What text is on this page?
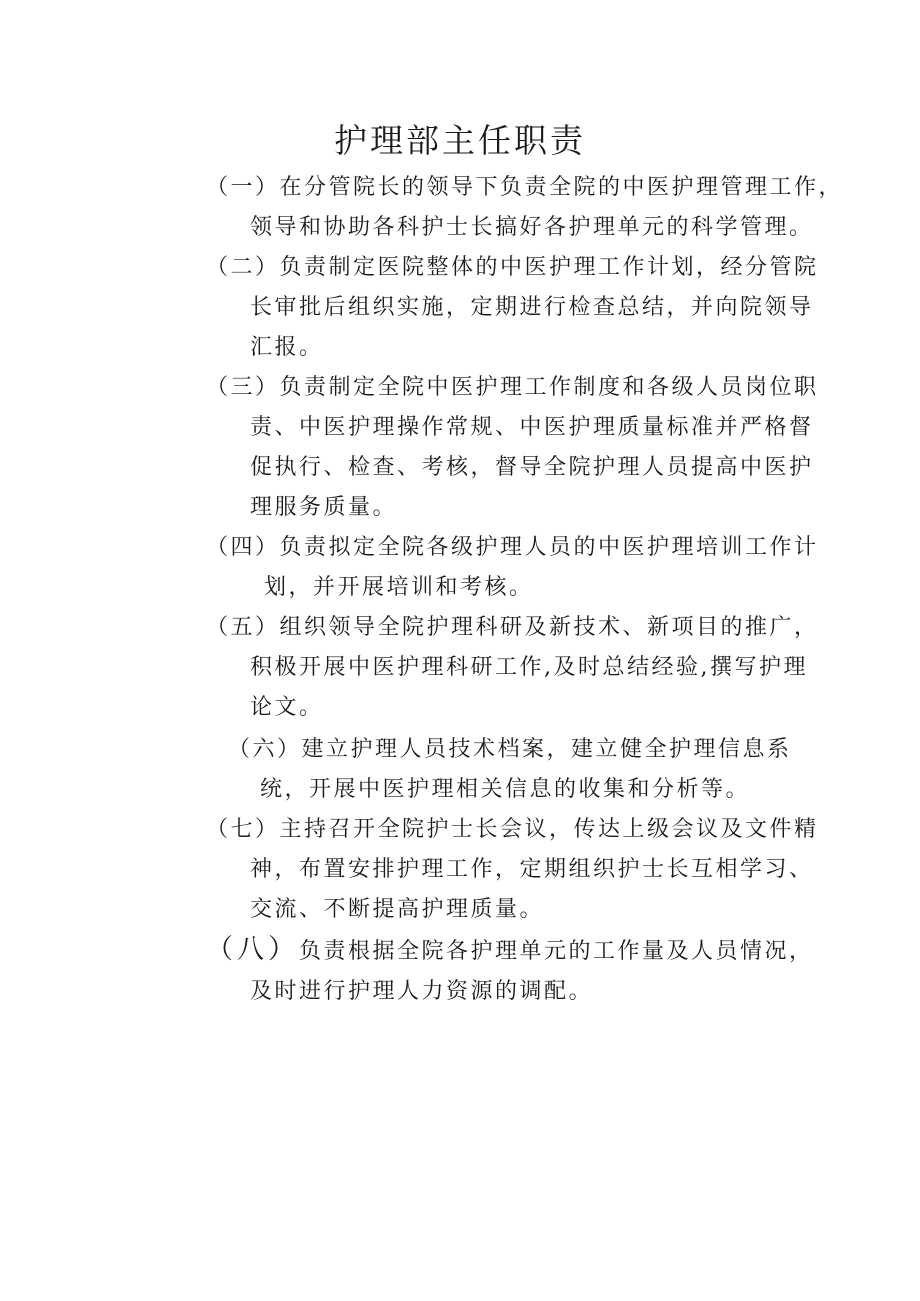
护理部主任职责
（一）在分管院长的领导下负责全院的中医护理管理工作，
领导和协助各科护士长搞好各护理单元的科学管理。
（二）负责制定医院整体的中医护理工作计划，经分管院
长审批后组织实施，定期进行检查总结，并向院领导
汇报。
（三）负责制定全院中医护理工作制度和各级人员岗位职
责、中医护理操作常规、中医护理质量标准并严格督
促执行、检查、考核，督导全院护理人员提高中医护
理服务质量。
（四）负责拟定全院各级护理人员的中医护理培训工作计
划，并开展培训和考核。
（五）组织领导全院护理科研及新技术、新项目的推广，
积极开展中医护理科研工作,及时总结经验,撰写护理
论文。
（六）建立护理人员技术档案，建立健全护理信息系
统，开展中医护理相关信息的收集和分析等。
（七）主持召开全院护士长会议，传达上级会议及文件精
神，布置安排护理工作，定期组织护士长互相学习、
交流、不断提高护理质量。
（八）负责根据全院各护理单元的工作量及人员情况，
及时进行护理人力资源的调配。
